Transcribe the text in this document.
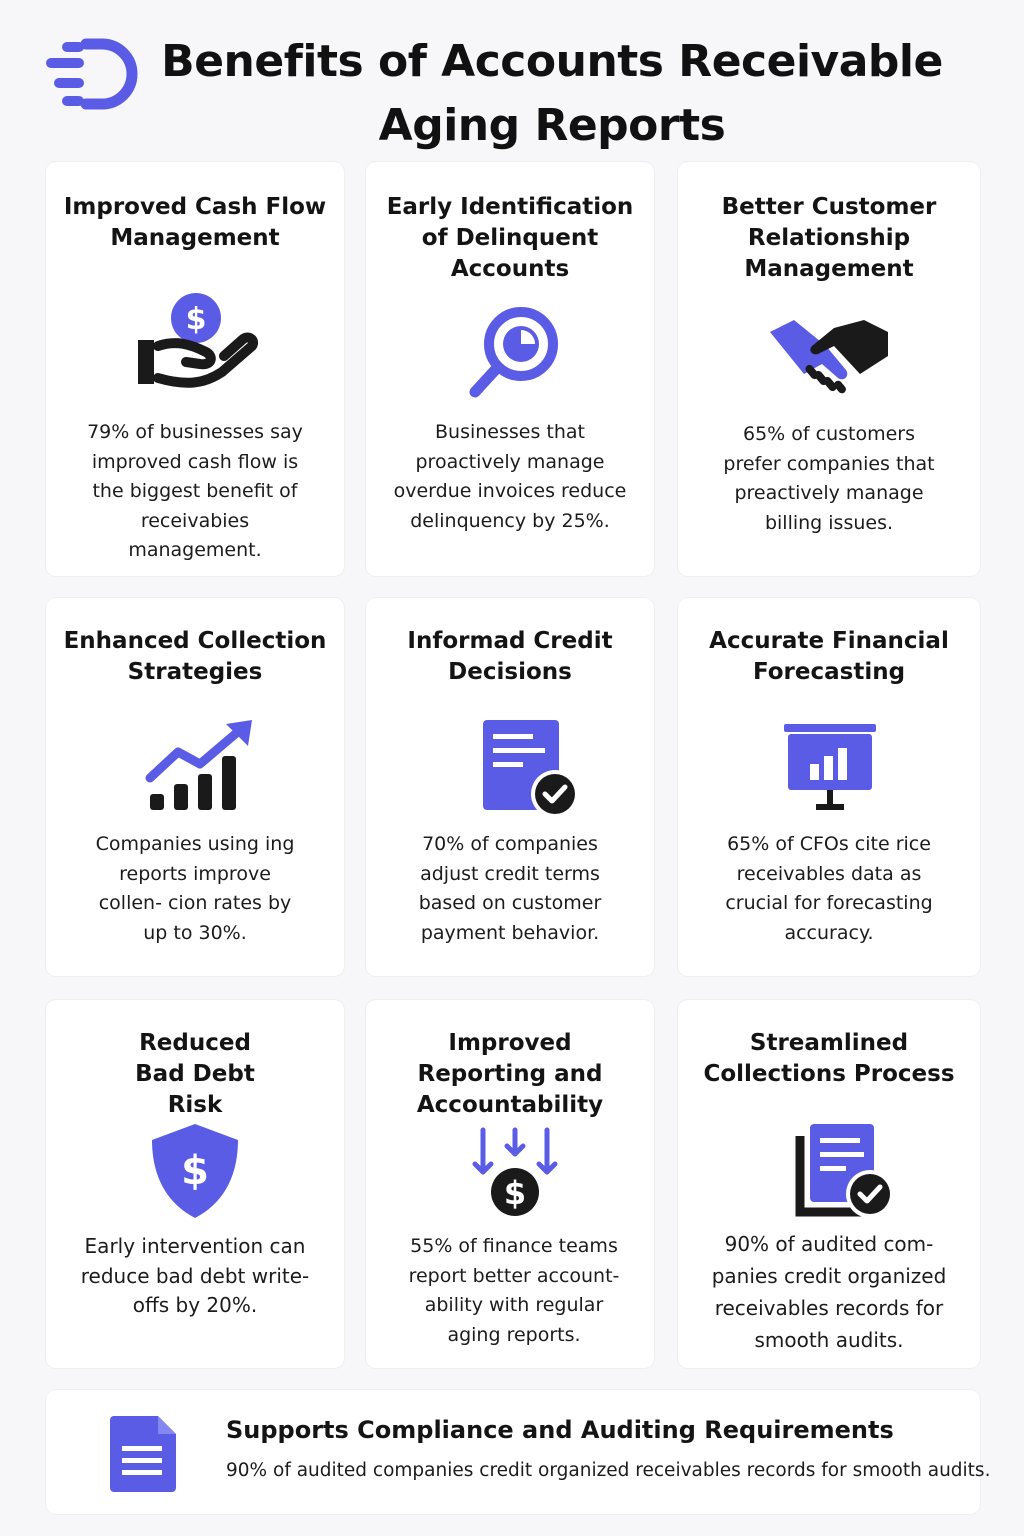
Benefits of Accounts Receivable Aging Reports
Improved Cash Flow Management
$
79% of businesses say improved cash flow is the biggest benefit of receivabies management.
Early Identification of Delinquent Accounts
Businesses that proactively manage overdue invoices reduce delinquency by 25%.
Better Customer Relationship Management
65% of customers prefer companies that preactively manage billing issues.
Enhanced Collection Strategies
Companies using ing reports improve collen- cion rates by up to 30%.
Informad Credit Decisions
70% of companies adjust credit terms based on customer payment behavior.
Accurate Financial Forecasting
65% of CFOs cite rice receivables data as crucial for forecasting accuracy.
Reduced Bad Debt Risk
$
Early intervention can reduce bad debt write-offs by 20%.
Improved Reporting and Accountability
$
55% of finance teams report better account- ability with regular aging reports.
Streamlined Collections Process
90% of audited com- panies credit organized receivables records for smooth audits.
Supports Compliance and Auditing Requirements
90% of audited companies credit organized receivables records for smooth audits.
